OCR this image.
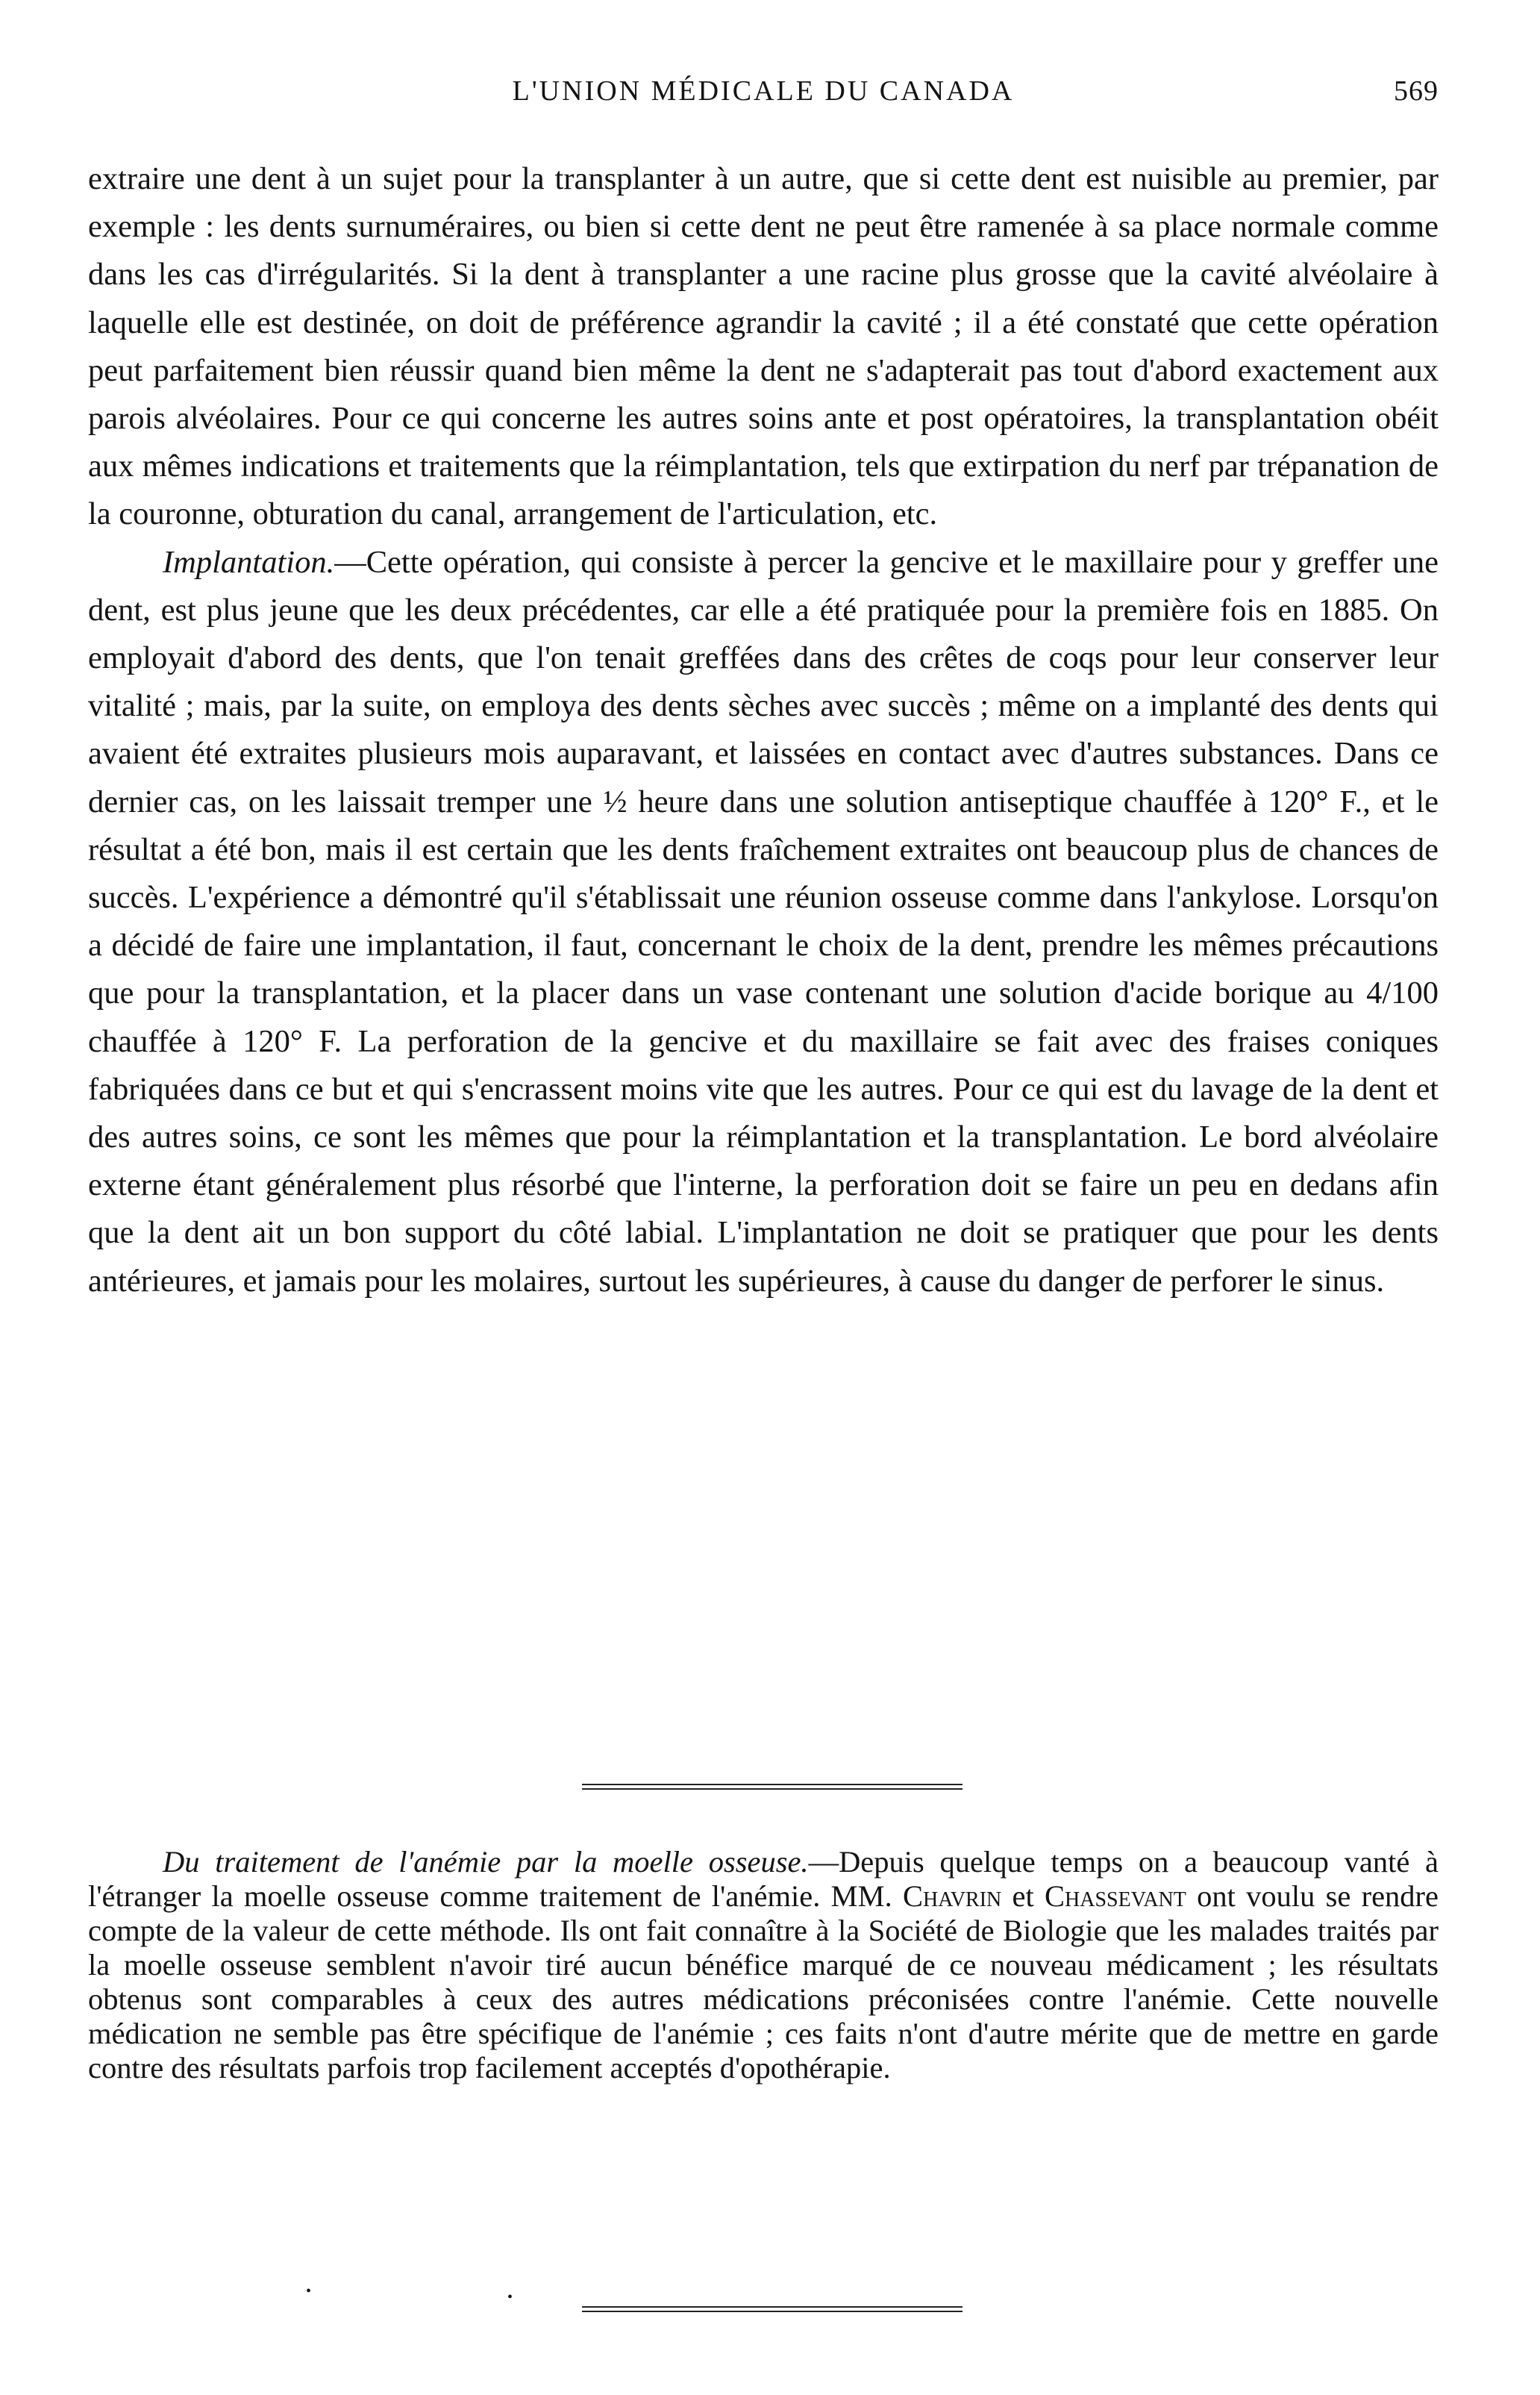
L'UNION MÉDICALE DU CANADA	569

extraire une dent à un sujet pour la transplanter à un autre, que si cette dent est nuisible au premier, par exemple : les dents surnuméraires, ou bien si cette dent ne peut être ramenée à sa place normale comme dans les cas d'irrégularités. Si la dent à transplanter a une racine plus grosse que la cavité alvéolaire à laquelle elle est destinée, on doit de préférence agrandir la cavité ; il a été constaté que cette opération peut parfaitement bien réussir quand bien même la dent ne s'adapterait pas tout d'abord exactement aux parois alvéolaires. Pour ce qui concerne les autres soins ante et post opératoires, la transplantation obéit aux mêmes indications et traitements que la réimplantation, tels que extirpation du nerf par trépanation de la couronne, obturation du canal, arrangement de l'articulation, etc.

Implantation.—Cette opération, qui consiste à percer la gencive et le maxillaire pour y greffer une dent, est plus jeune que les deux précédentes, car elle a été pratiquée pour la première fois en 1885. On employait d'abord des dents, que l'on tenait greffées dans des crêtes de coqs pour leur conserver leur vitalité ; mais, par la suite, on employa des dents sèches avec succès ; même on a implanté des dents qui avaient été extraites plusieurs mois auparavant, et laissées en contact avec d'autres substances. Dans ce dernier cas, on les laissait tremper une ½ heure dans une solution antiseptique chauffée à 120° F., et le résultat a été bon, mais il est certain que les dents fraîchement extraites ont beaucoup plus de chances de succès. L'expérience a démontré qu'il s'établissait une réunion osseuse comme dans l'ankylose. Lorsqu'on a décidé de faire une implantation, il faut, concernant le choix de la dent, prendre les mêmes précautions que pour la transplantation, et la placer dans un vase contenant une solution d'acide borique au 4/100 chauffée à 120° F. La perforation de la gencive et du maxillaire se fait avec des fraises coniques fabriquées dans ce but et qui s'encrassent moins vite que les autres. Pour ce qui est du lavage de la dent et des autres soins, ce sont les mêmes que pour la réimplantation et la transplantation. Le bord alvéolaire externe étant généralement plus résorbé que l'interne, la perforation doit se faire un peu en dedans afin que la dent ait un bon support du côté labial. L'implantation ne doit se pratiquer que pour les dents antérieures, et jamais pour les molaires, surtout les supérieures, à cause du danger de perforer le sinus.

Du traitement de l'anémie par la moelle osseuse.—Depuis quelque temps on a beaucoup vanté à l'étranger la moelle osseuse comme traitement de l'anémie. MM. Chavrin et Chassevant ont voulu se rendre compte de la valeur de cette méthode. Ils ont fait connaître à la Société de Biologie que les malades traités par la moelle osseuse semblent n'avoir tiré aucun bénéfice marqué de ce nouveau médicament ; les résultats obtenus sont comparables à ceux des autres médications préconisées contre l'anémie. Cette nouvelle médication ne semble pas être spécifique de l'anémie ; ces faits n'ont d'autre mérite que de mettre en garde contre des résultats parfois trop facilement acceptés d'opothérapie.

•	•
